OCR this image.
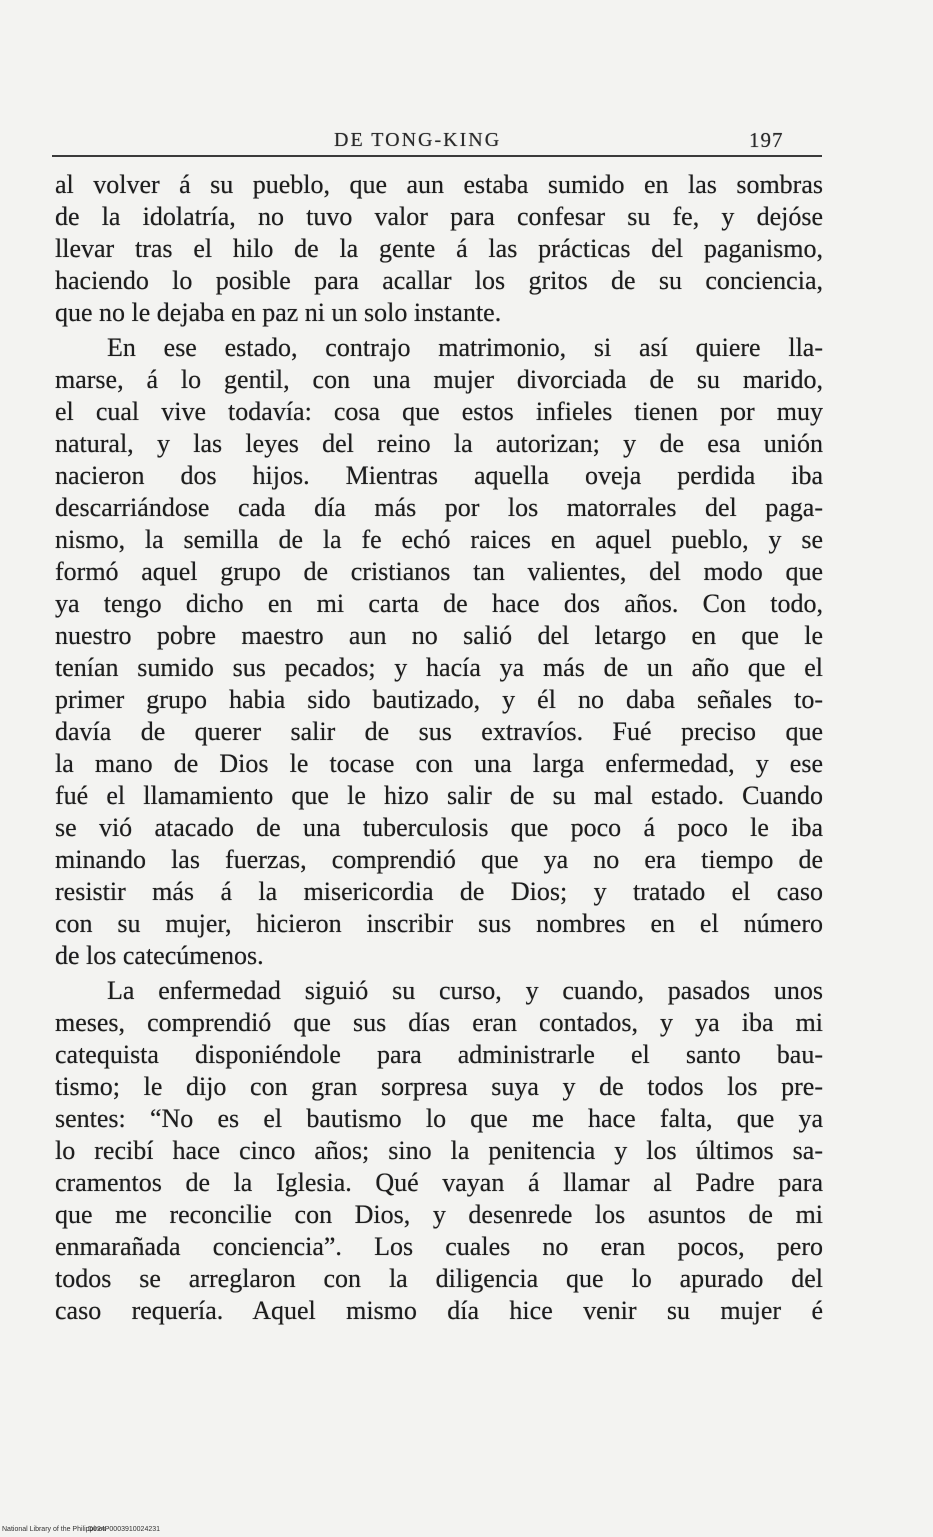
DE TONG-KING	197
al volver á su pueblo, que aun estaba sumido en las sombras
de la idolatría, no tuvo valor para confesar su fe, y dejóse
llevar tras el hilo de la gente á las prácticas del paganismo,
haciendo lo posible para acallar los gritos de su conciencia,
que no le dejaba en paz ni un solo instante.
En ese estado, contrajo matrimonio, si así quiere lla-
marse, á lo gentil, con una mujer divorciada de su marido,
el cual vive todavía: cosa que estos infieles tienen por muy
natural, y las leyes del reino la autorizan; y de esa unión
nacieron dos hijos. Mientras aquella oveja perdida iba
descarriándose cada día más por los matorrales del paga-
nismo, la semilla de la fe echó raices en aquel pueblo, y se
formó aquel grupo de cristianos tan valientes, del modo que
ya tengo dicho en mi carta de hace dos años. Con todo,
nuestro pobre maestro aun no salió del letargo en que le
tenían sumido sus pecados; y hacía ya más de un año que el
primer grupo habia sido bautizado, y él no daba señales to-
davía de querer salir de sus extravíos. Fué preciso que
la mano de Dios le tocase con una larga enfermedad, y ese
fué el llamamiento que le hizo salir de su mal estado. Cuando
se vió atacado de una tuberculosis que poco á poco le iba
minando las fuerzas, comprendió que ya no era tiempo de
resistir más á la misericordia de Dios; y tratado el caso
con su mujer, hicieron inscribir sus nombres en el número
de los catecúmenos.
La enfermedad siguió su curso, y cuando, pasados unos
meses, comprendió que sus días eran contados, y ya iba mi
catequista disponiéndole para administrarle el santo bau-
tismo; le dijo con gran sorpresa suya y de todos los pre-
sentes: “No es el bautismo lo que me hace falta, que ya
lo recibí hace cinco años; sino la penitencia y los últimos sa-
cramentos de la Iglesia. Qué vayan á llamar al Padre para
que me reconcilie con Dios, y desenrede los asuntos de mi
enmarañada conciencia”. Los cuales no eran pocos, pero
todos se arreglaron con la diligencia que lo apurado del
caso requería. Aquel mismo día hice venir su mujer é
National Library of the Philippines
D024P0003910024231
